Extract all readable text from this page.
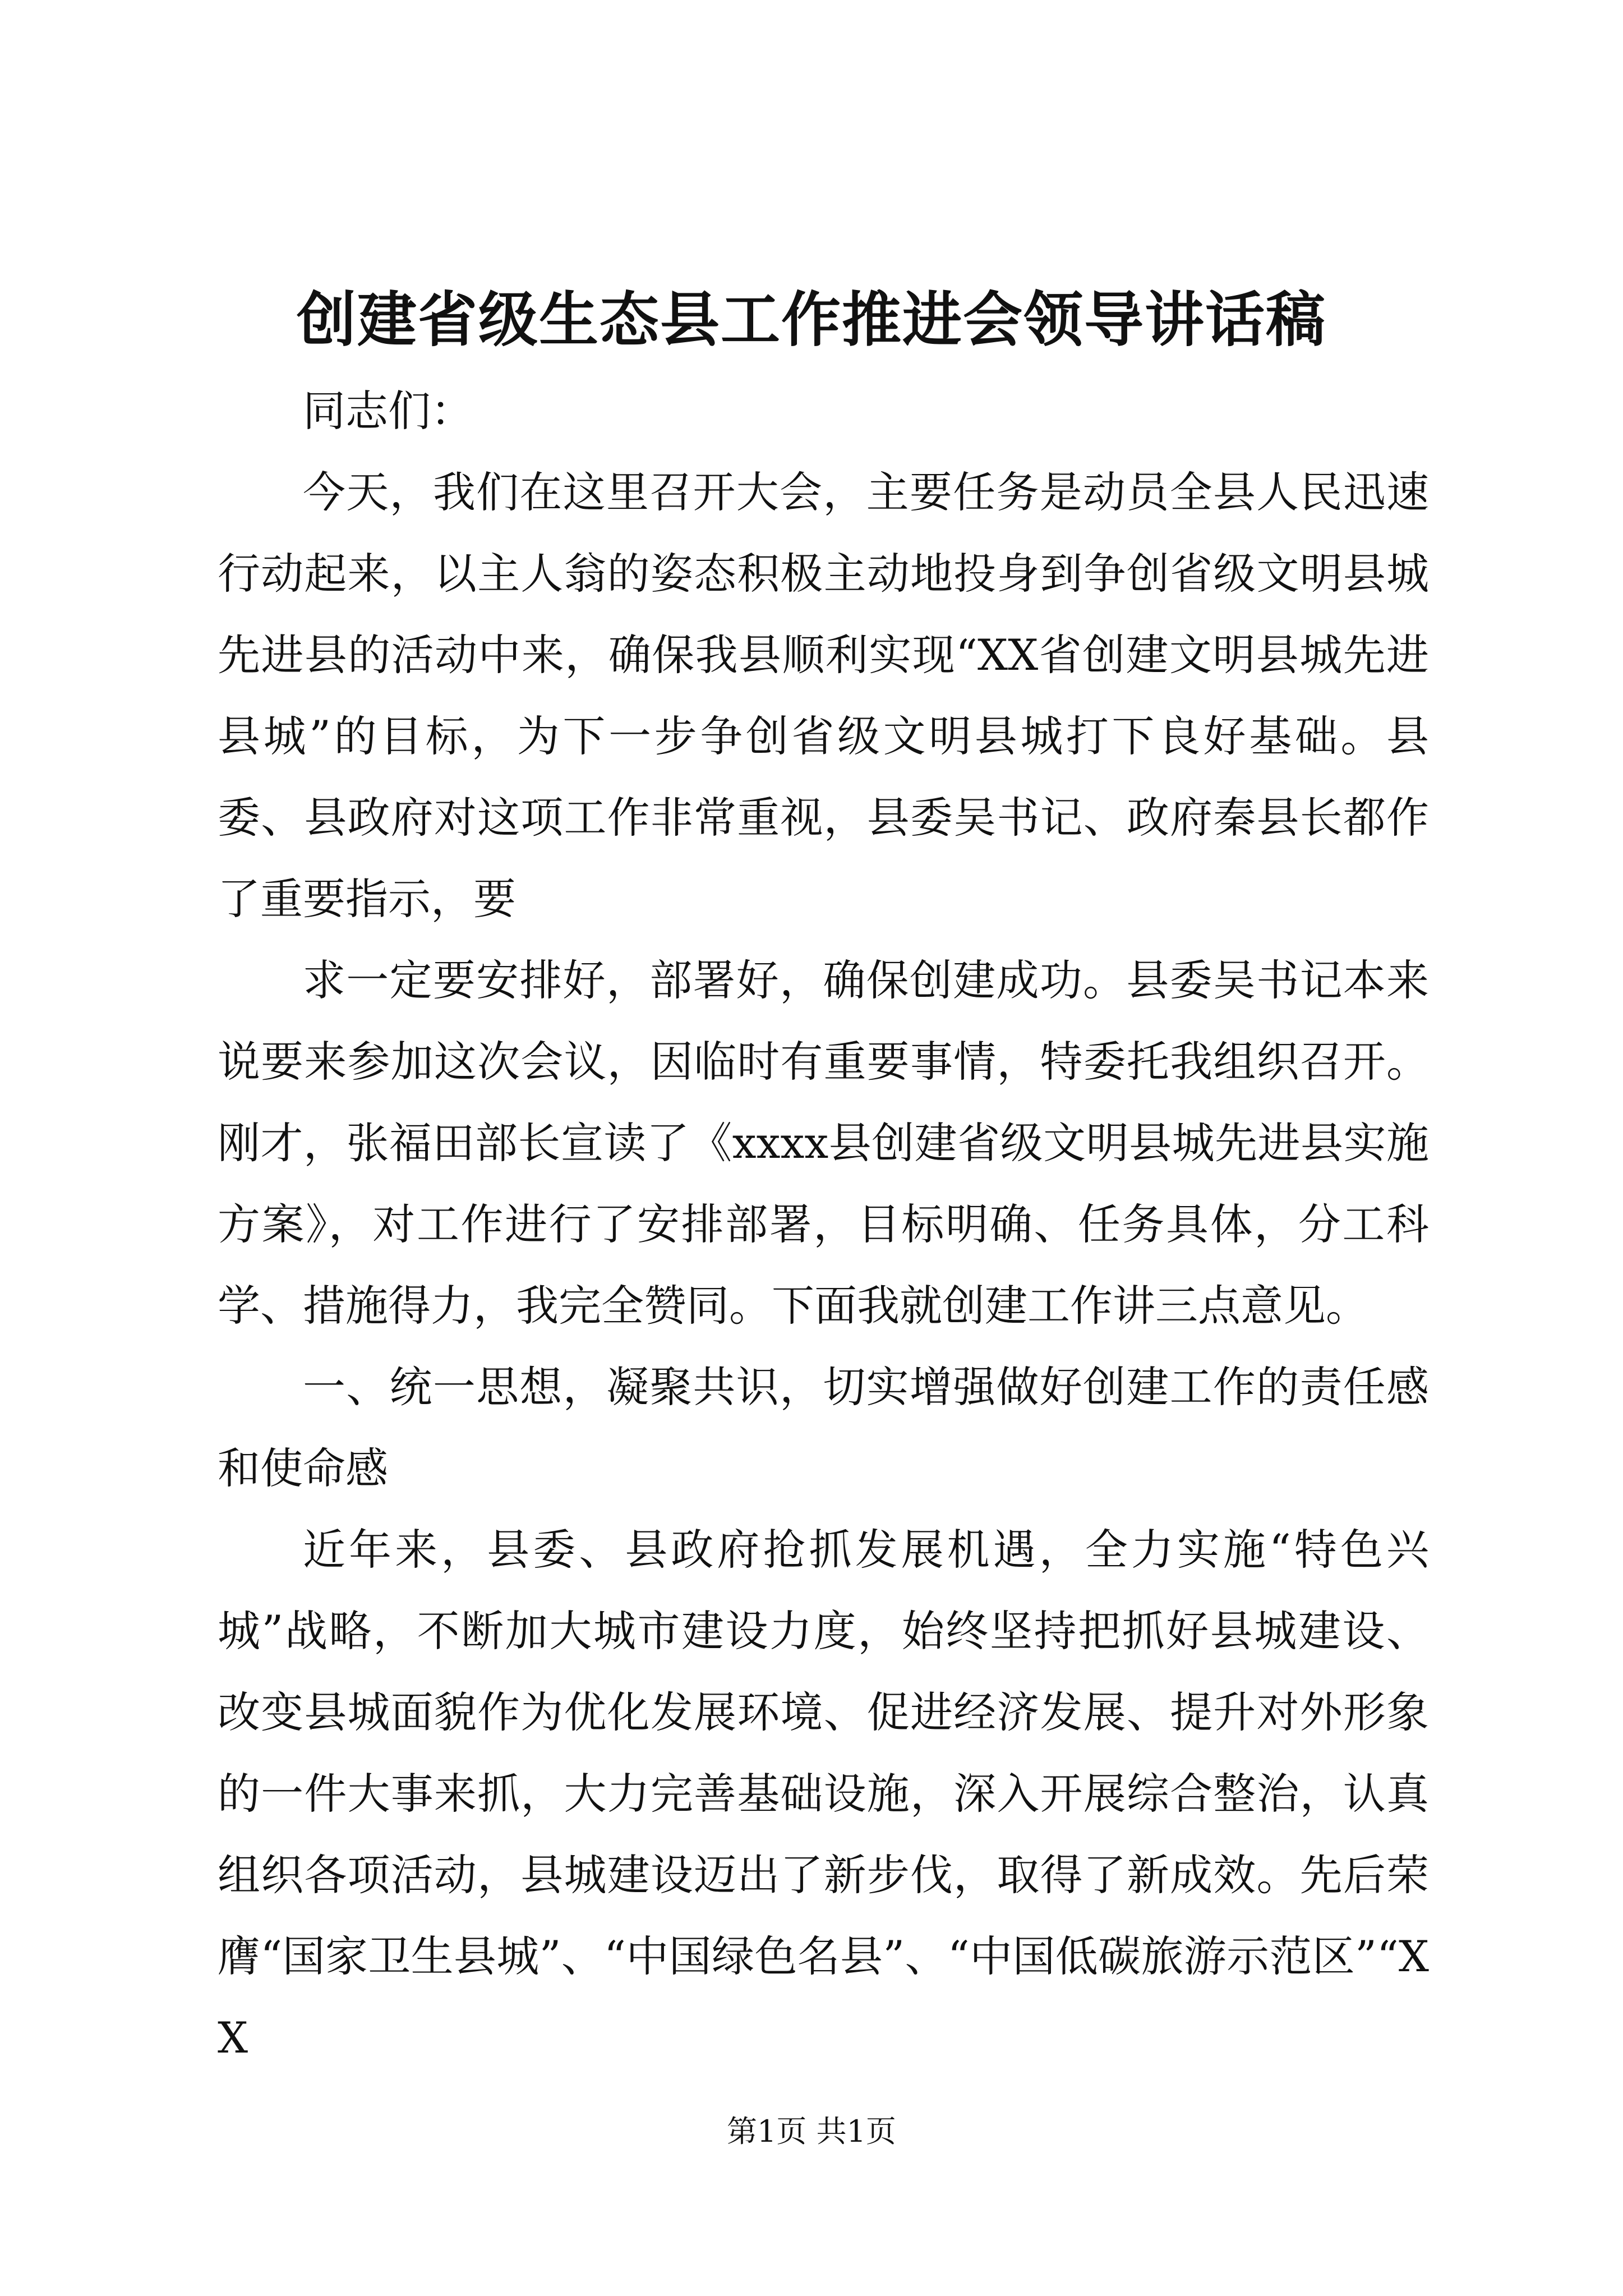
创建省级生态县工作推进会领导讲话稿

同志们：

今天，我们在这里召开大会，主要任务是动员全县人民迅速行动起来，以主人翁的姿态积极主动地投身到争创省级文明县城先进县的活动中来，确保我县顺利实现“XX省创建文明县城先进县城”的目标，为下一步争创省级文明县城打下良好基础。县委、县政府对这项工作非常重视，县委吴书记、政府秦县长都作了重要指示，要

求一定要安排好，部署好，确保创建成功。县委吴书记本来说要来参加这次会议，因临时有重要事情，特委托我组织召开。刚才，张福田部长宣读了《xxxx县创建省级文明县城先进县实施方案》，对工作进行了安排部署，目标明确、任务具体，分工科学、措施得力，我完全赞同。下面我就创建工作讲三点意见。

一、统一思想，凝聚共识，切实增强做好创建工作的责任感和使命感

近年来，县委、县政府抢抓发展机遇，全力实施“特色兴城”战略，不断加大城市建设力度，始终坚持把抓好县城建设、改变县城面貌作为优化发展环境、促进经济发展、提升对外形象的一件大事来抓，大力完善基础设施，深入开展综合整治，认真组织各项活动，县城建设迈出了新步伐，取得了新成效。先后荣膺“国家卫生县城”、“中国绿色名县”、“中国低碳旅游示范区”“XX

第1页 共1页
